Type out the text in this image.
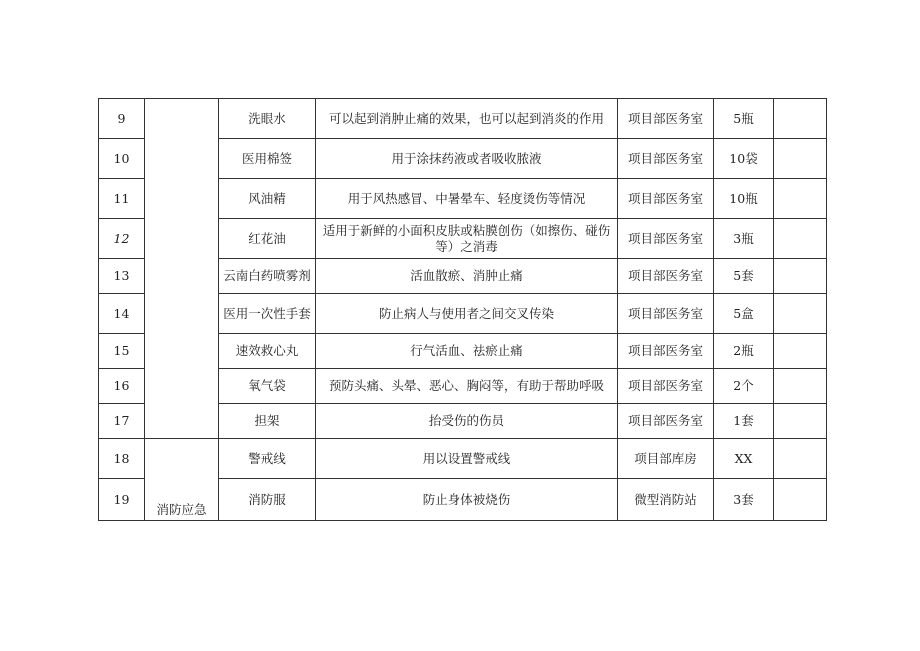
9		洗眼水	可以起到消肿止痛的效果，也可以起到消炎的作用	项目部医务室	5瓶	
10		医用棉签	用于涂抹药液或者吸收脓液	项目部医务室	10袋	
11		风油精	用于风热感冒、中暑晕车、轻度烫伤等情况	项目部医务室	10瓶	
12		红花油	适用于新鲜的小面积皮肤或粘膜创伤（如擦伤、碰伤等）之消毒	项目部医务室	3瓶	
13		云南白药喷雾剂	活血散瘀、消肿止痛	项目部医务室	5套	
14		医用一次性手套	防止病人与使用者之间交叉传染	项目部医务室	5盒	
15		速效救心丸	行气活血、祛瘀止痛	项目部医务室	2瓶	
16		氧气袋	预防头痛、头晕、恶心、胸闷等，有助于帮助呼吸	项目部医务室	2个	
17		担架	抬受伤的伤员	项目部医务室	1套	
18	消防应急	警戒线	用以设置警戒线	项目部库房	XX	
19		消防服	防止身体被烧伤	微型消防站	3套	
